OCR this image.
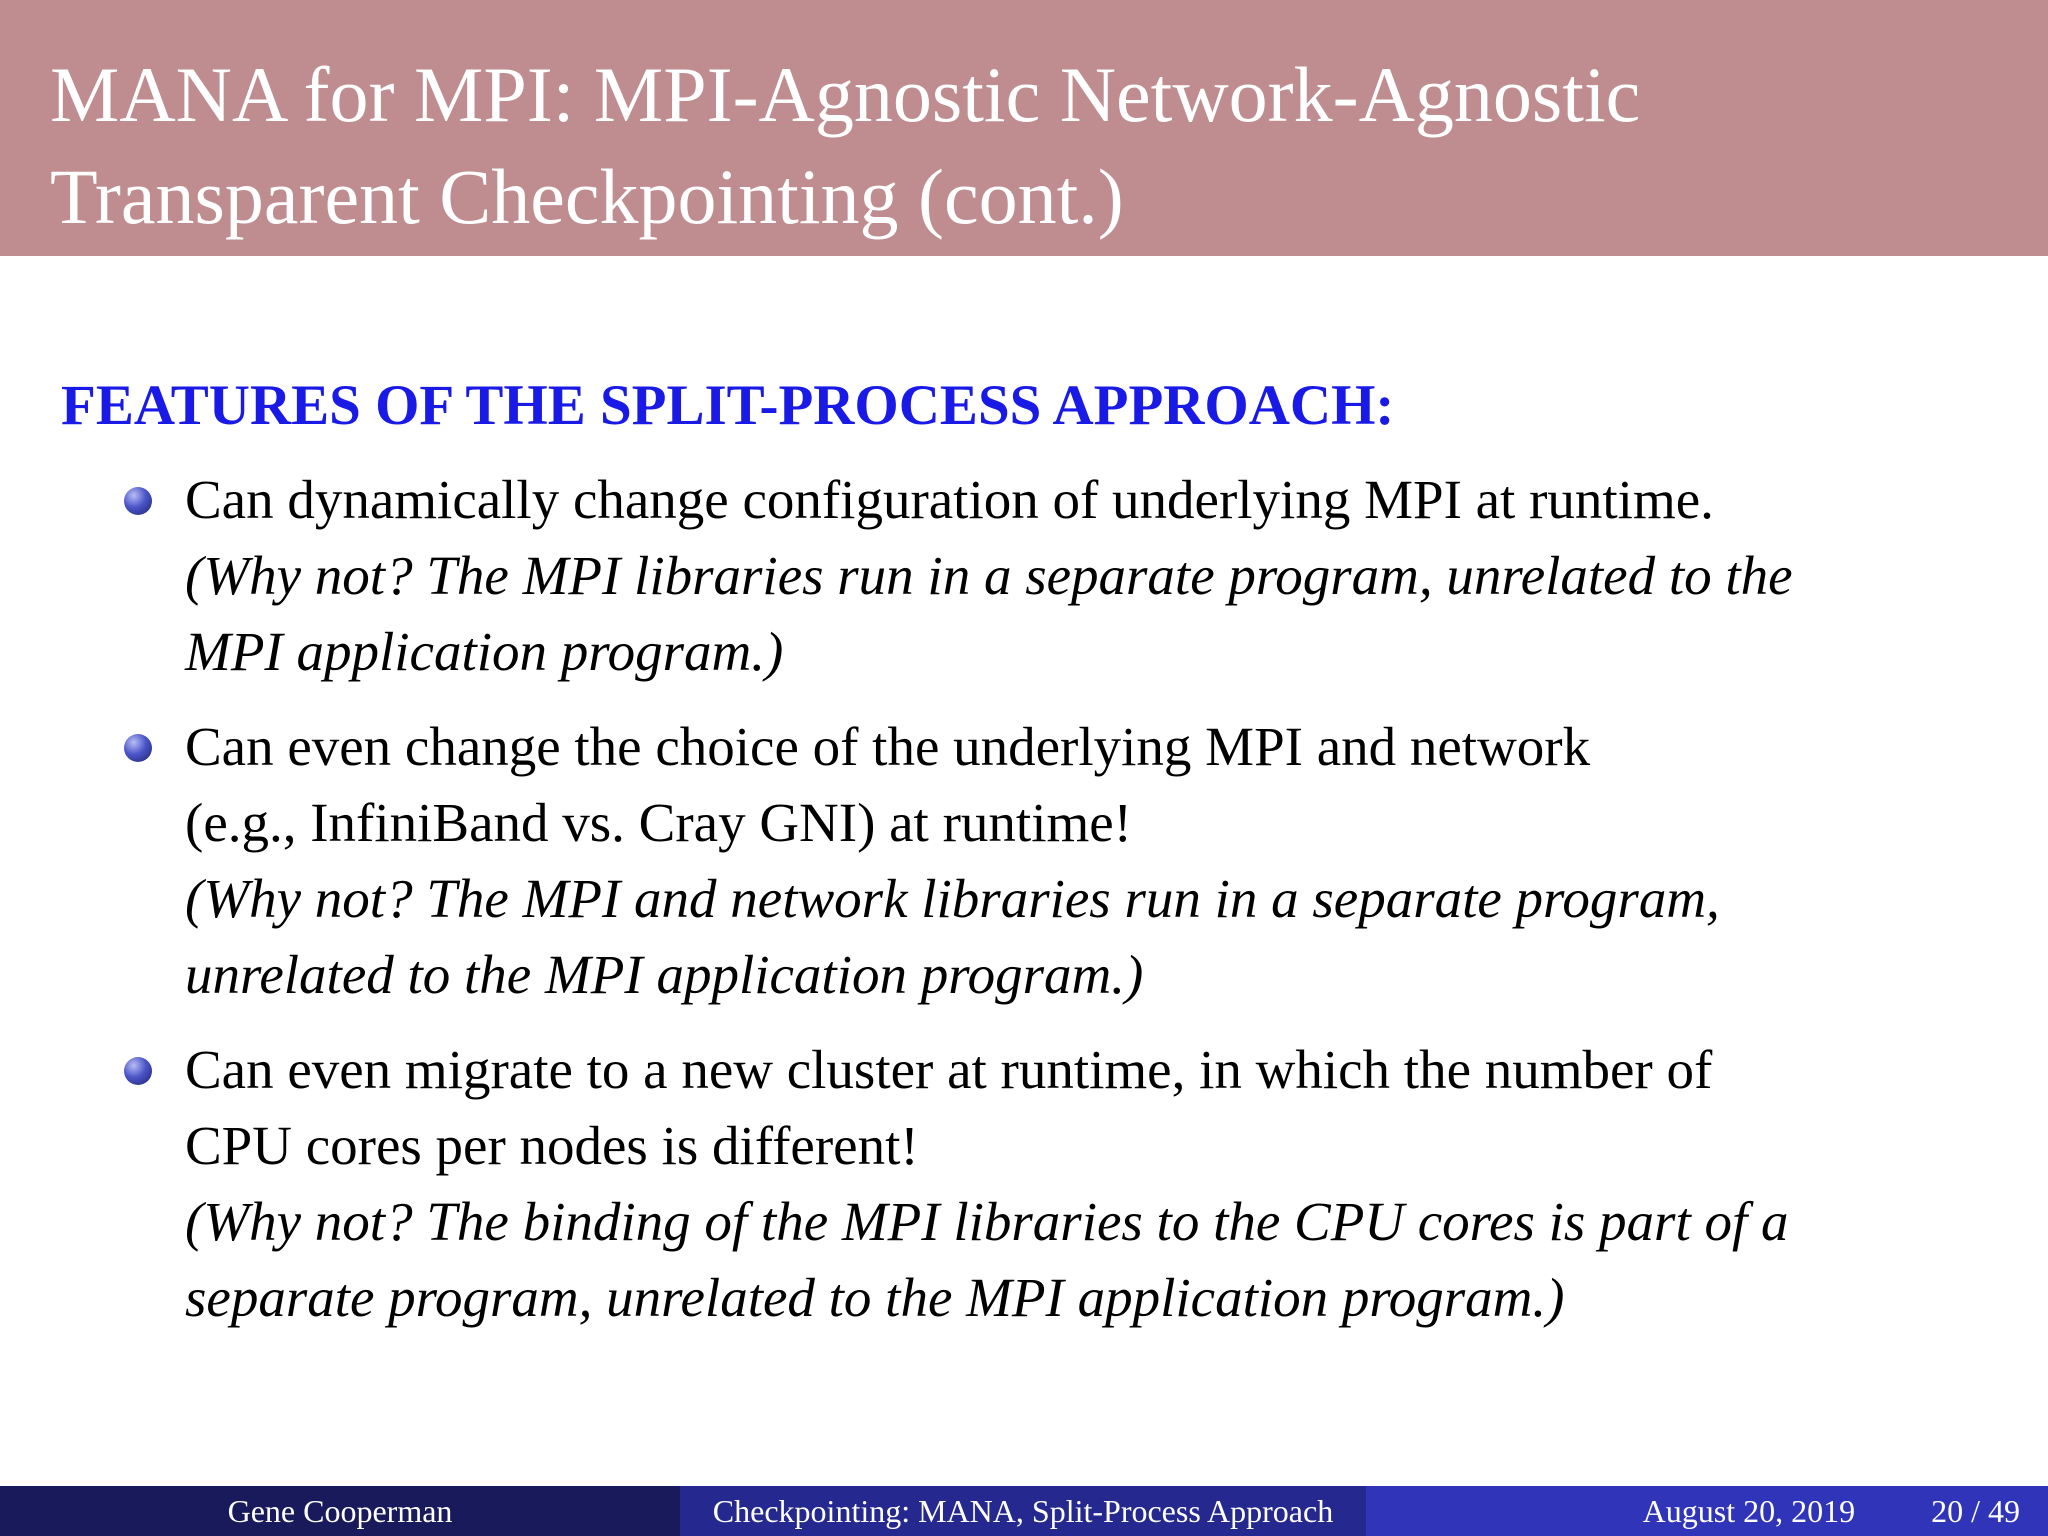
MANA for MPI: MPI-Agnostic Network-Agnostic
Transparent Checkpointing (cont.)
FEATURES OF THE SPLIT-PROCESS APPROACH:
Can dynamically change configuration of underlying MPI at runtime.
(Why not? The MPI libraries run in a separate program, unrelated to the
MPI application program.)
Can even change the choice of the underlying MPI and network
(e.g., InfiniBand vs. Cray GNI) at runtime!
(Why not? The MPI and network libraries run in a separate program,
unrelated to the MPI application program.)
Can even migrate to a new cluster at runtime, in which the number of
CPU cores per nodes is different!
(Why not? The binding of the MPI libraries to the CPU cores is part of a
separate program, unrelated to the MPI application program.)
Gene Cooperman	Checkpointing: MANA, Split-Process Approach	August 20, 2019 20 / 49
